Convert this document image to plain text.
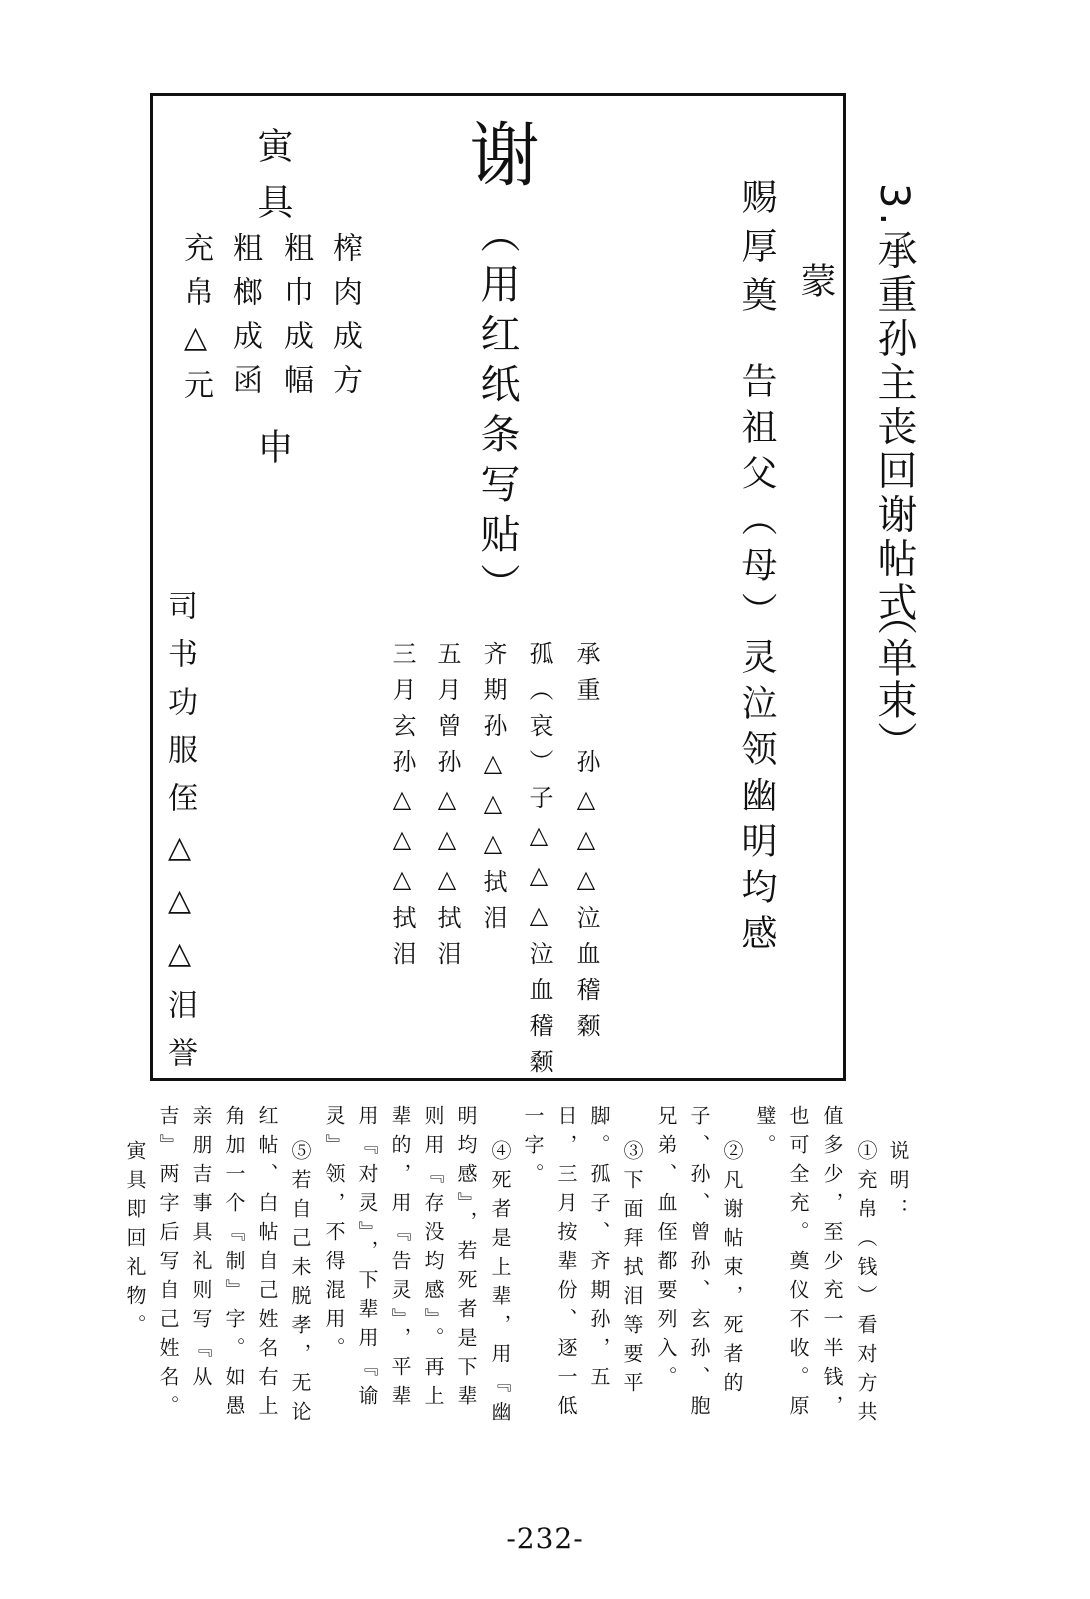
3.承重孙主丧回谢帖式
（单束）
谢
（用红纸条写贴）	蒙
赐厚奠
告祖父（母）灵泣领幽明均感
承重　孙△△△泣血稽颡
孤（哀）子△△△泣血稽颡
齐期孙△△△拭泪
五月曾孙△△△拭泪
三月玄孙△△△拭泪
寅
具
榨肉成方
粗巾成幅
粗榔成函
充帛△元
申
司书功服侄△△△泪誉
说明：
①充帛（钱）看对方共
值多少，至少充一半钱，
也可全充。奠仪不收。原
璧。
②凡谢帖束，死者的
子、孙、曾孙、玄孙、胞
兄弟、血侄都要列入。
③下面拜拭泪等要平
脚。孤子、齐期孙，五
日，三月按辈份、逐一低
一字。
④死者是上辈，用『幽
明均感』，若死者是下辈
则用『存没均感』。再上
辈的，用『告灵』，平辈
用『对灵』，下辈用『谕
灵』领，不得混用。
⑤若自己未脱孝，无论
红帖、白帖自己姓名右上
角加一个『制』字。如愚
亲朋吉事具礼则写『从
吉』两字后写自己姓名。
寅具即回礼物。
-232-
